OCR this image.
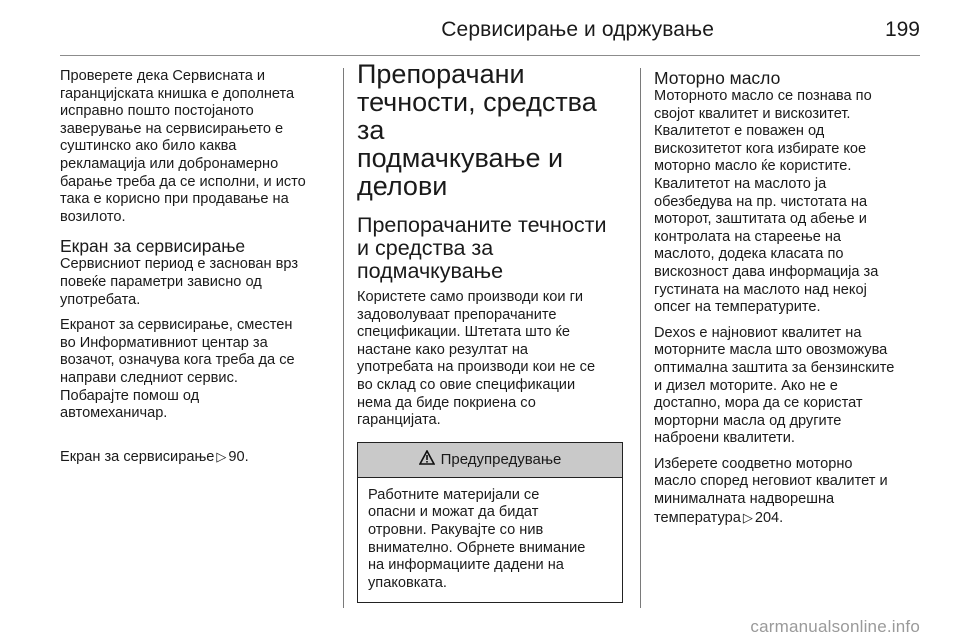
Сервисирање и одржување	199

Проверете дека Сервисната и
гаранцијската книшка е дополнета
исправно пошто постојаното
заверување на сервисирањето е
суштинско ако било каква
рекламација или добронамерно
барање треба да се исполни, и исто
така е корисно при продавање на
возилото.

Екран за сервисирање

Сервисниот период е заснован врз
повеќе параметри зависно од
употребата.

Екранот за сервисирање, сместен
во Информативниот центар за
возачот, означува кога треба да се
направи следниот сервис.
Побарајте помош од
автомеханичар.

Екран за сервисирање ▷ 90.

Препорачани
течности, средства за
подмачкување и
делови

Препорачаните течности
и средства за
подмачкување

Користете само производи кои ги
задоволуваат препорачаните
спецификации. Штетата што ќе
настане како резултат на
употребата на производи кои не се
во склад со овие спецификации
нема да биде покриена со
гаранцијата.

Предупредување
Работните материјали се
опасни и можат да бидат
отровни. Ракувајте со нив
внимателно. Обрнете внимание
на информациите дадени на
упаковката.

Моторно масло

Моторното масло се познава по
својот квалитет и вискозитет.
Квалитетот е поважен од
вискозитетот кога избирате кое
моторно масло ќе користите.
Квалитетот на маслото ја
обезбедува на пр. чистотата на
моторот, заштитата од абење и
контролата на стареење на
маслото, додека класата по
вискозност дава информација за
густината на маслото над некој
опсег на температурите.

Dexos е најновиот квалитет на
моторните масла што овозможува
оптимална заштита за бензинските
и дизел моторите. Ако не е
достапно, мора да се користат
морторни масла од другите
наброени квалитети.

Изберете соодветно моторно
масло според неговиот квалитет и
минималната надворешна
температура ▷ 204.

carmanualsonline.info
